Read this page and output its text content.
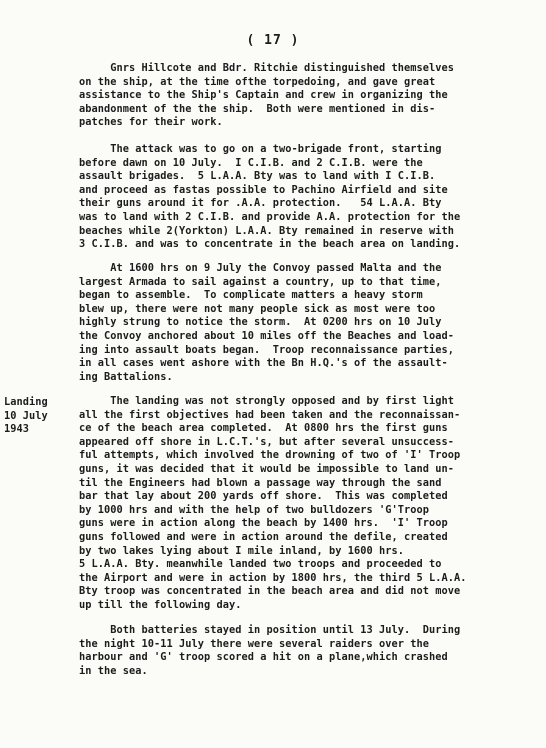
( 17 )
Landing
10 July
1943
Gnrs Hillcote and Bdr. Ritchie distinguished themselves
on the ship, at the time ofthe torpedoing, and gave great
assistance to the Ship's Captain and crew in organizing the
abandonment of the the ship.  Both were mentioned in dis-
patches for their work.
The attack was to go on a two-brigade front, starting
before dawn on 10 July.  I C.I.B. and 2 C.I.B. were the
assault brigades.  5 L.A.A. Bty was to land with I C.I.B.
and proceed as fastas possible to Pachino Airfield and site
their guns around it for .A.A. protection.   54 L.A.A. Bty
was to land with 2 C.I.B. and provide A.A. protection for the
beaches while 2(Yorkton) L.A.A. Bty remained in reserve with
3 C.I.B. and was to concentrate in the beach area on landing.
At 1600 hrs on 9 July the Convoy passed Malta and the
largest Armada to sail against a country, up to that time,
began to assemble.  To complicate matters a heavy storm
blew up, there were not many people sick as most were too
highly strung to notice the storm.  At 0200 hrs on 10 July
the Convoy anchored about 10 miles off the Beaches and load-
ing into assault boats began.  Troop reconnaissance parties,
in all cases went ashore with the Bn H.Q.'s of the assault-
ing Battalions.
The landing was not strongly opposed and by first light
all the first objectives had been taken and the reconnaissan-
ce of the beach area completed.  At 0800 hrs the first guns
appeared off shore in L.C.T.'s, but after several unsuccess-
ful attempts, which involved the drowning of two of 'I' Troop
guns, it was decided that it would be impossible to land un-
til the Engineers had blown a passage way through the sand
bar that lay about 200 yards off shore.  This was completed
by 1000 hrs and with the help of two bulldozers 'G'Troop
guns were in action along the beach by 1400 hrs.  'I' Troop
guns followed and were in action around the defile, created
by two lakes lying about I mile inland, by 1600 hrs.
5 L.A.A. Bty. meanwhile landed two troops and proceeded to
the Airport and were in action by 1800 hrs, the third 5 L.A.A.
Bty troop was concentrated in the beach area and did not move
up till the following day.
Both batteries stayed in position until 13 July.  During
the night 10-11 July there were several raiders over the
harbour and 'G' troop scored a hit on a plane,which crashed
in the sea.
